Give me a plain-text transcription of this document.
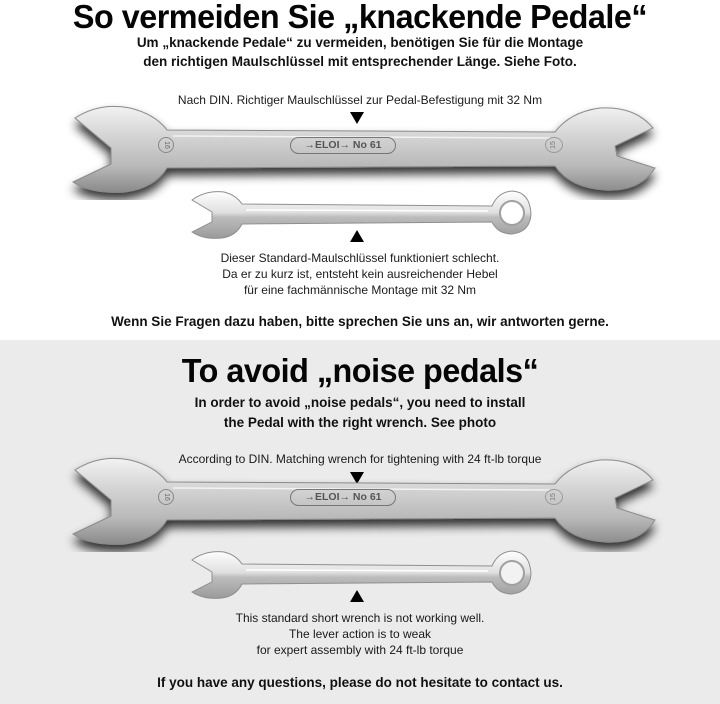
So vermeiden Sie „knackende Pedale“
Um „knackende Pedale“ zu vermeiden, benötigen Sie für die Montage
den richtigen Maulschlüssel mit entsprechender Länge. Siehe Foto.
Nach DIN. Richtiger Maulschlüssel zur Pedal-Befestigung mit 32 Nm
16	→ELOI→ No 61	15
Dieser Standard-Maulschlüssel funktioniert schlecht.
Da er zu kurz ist, entsteht kein ausreichender Hebel
für eine fachmännische Montage mit 32 Nm
Wenn Sie Fragen dazu haben, bitte sprechen Sie uns an, wir antworten gerne.
To avoid „noise pedals“
In order to avoid „noise pedals“, you need to install
the Pedal with the right wrench. See photo
According to DIN. Matching wrench for tightening with 24 ft-lb torque
16	→ELOI→ No 61	15
This standard short wrench is not working well.
The lever action is to weak
for expert assembly with 24 ft-lb torque
If you have any questions, please do not hesitate to contact us.
